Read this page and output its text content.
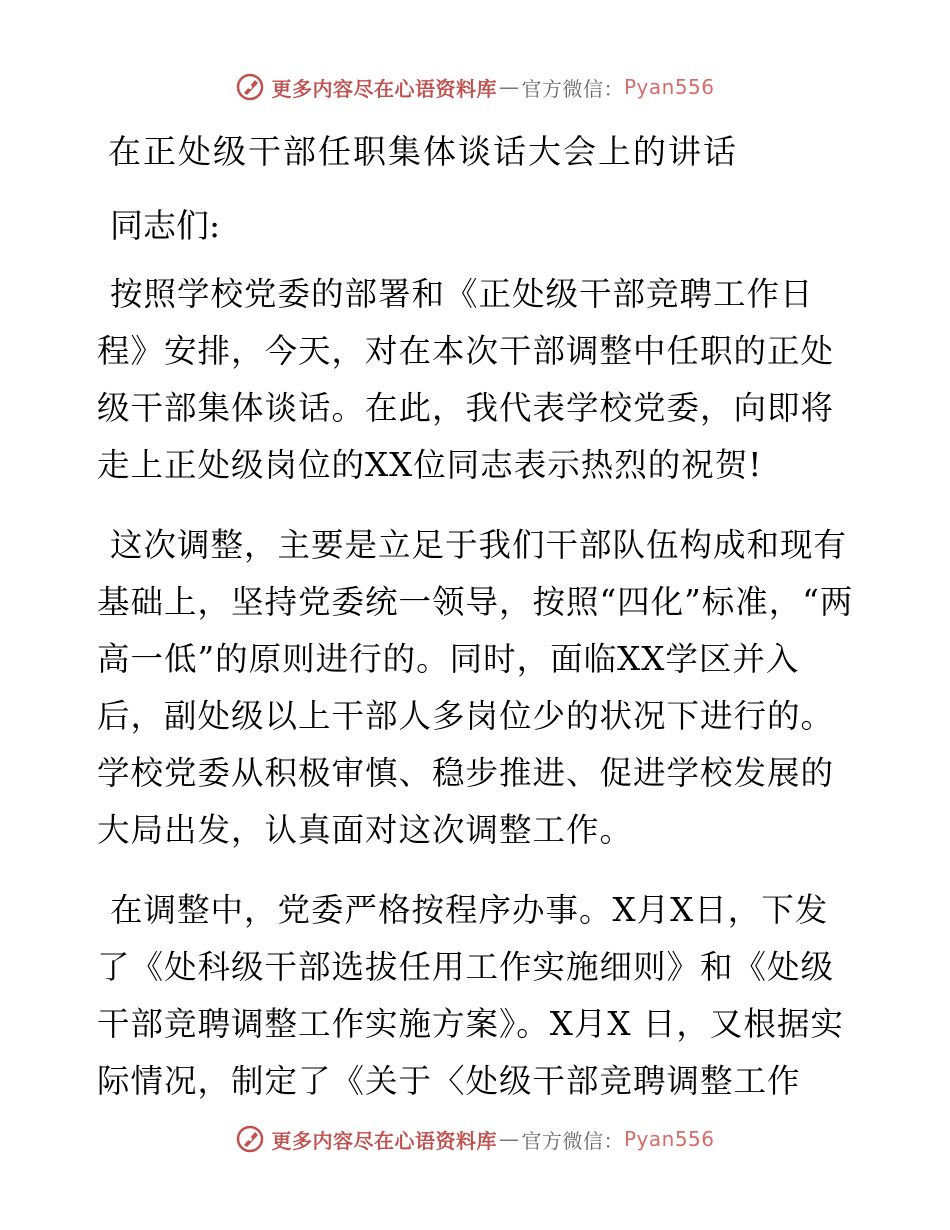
更多内容尽在心语资料库 — 官方微信： Pyan556
在正处级干部任职集体谈话大会上的讲话
同志们:

按照学校党委的部署和《正处级干部竞聘工作日程》安排，今天，对在本次干部调整中任职的正处级干部集体谈话。在此，我代表学校党委，向即将走上正处级岗位的XX位同志表示热烈的祝贺!

这次调整，主要是立足于我们干部队伍构成和现有基础上，坚持党委统一领导，按照“四化”标准，“两高一低”的原则进行的。同时，面临XX学区并入后，副处级以上干部人多岗位少的状况下进行的。学校党委从积极审慎、稳步推进、促进学校发展的大局出发，认真面对这次调整工作。

在调整中，党委严格按程序办事。X月X日，下发了《处科级干部选拔任用工作实施细则》和《处级干部竞聘调整工作实施方案》。X月X 日，又根据实际情况，制定了《关于〈处级干部竞聘调整工作

更多内容尽在心语资料库 — 官方微信： Pyan556
